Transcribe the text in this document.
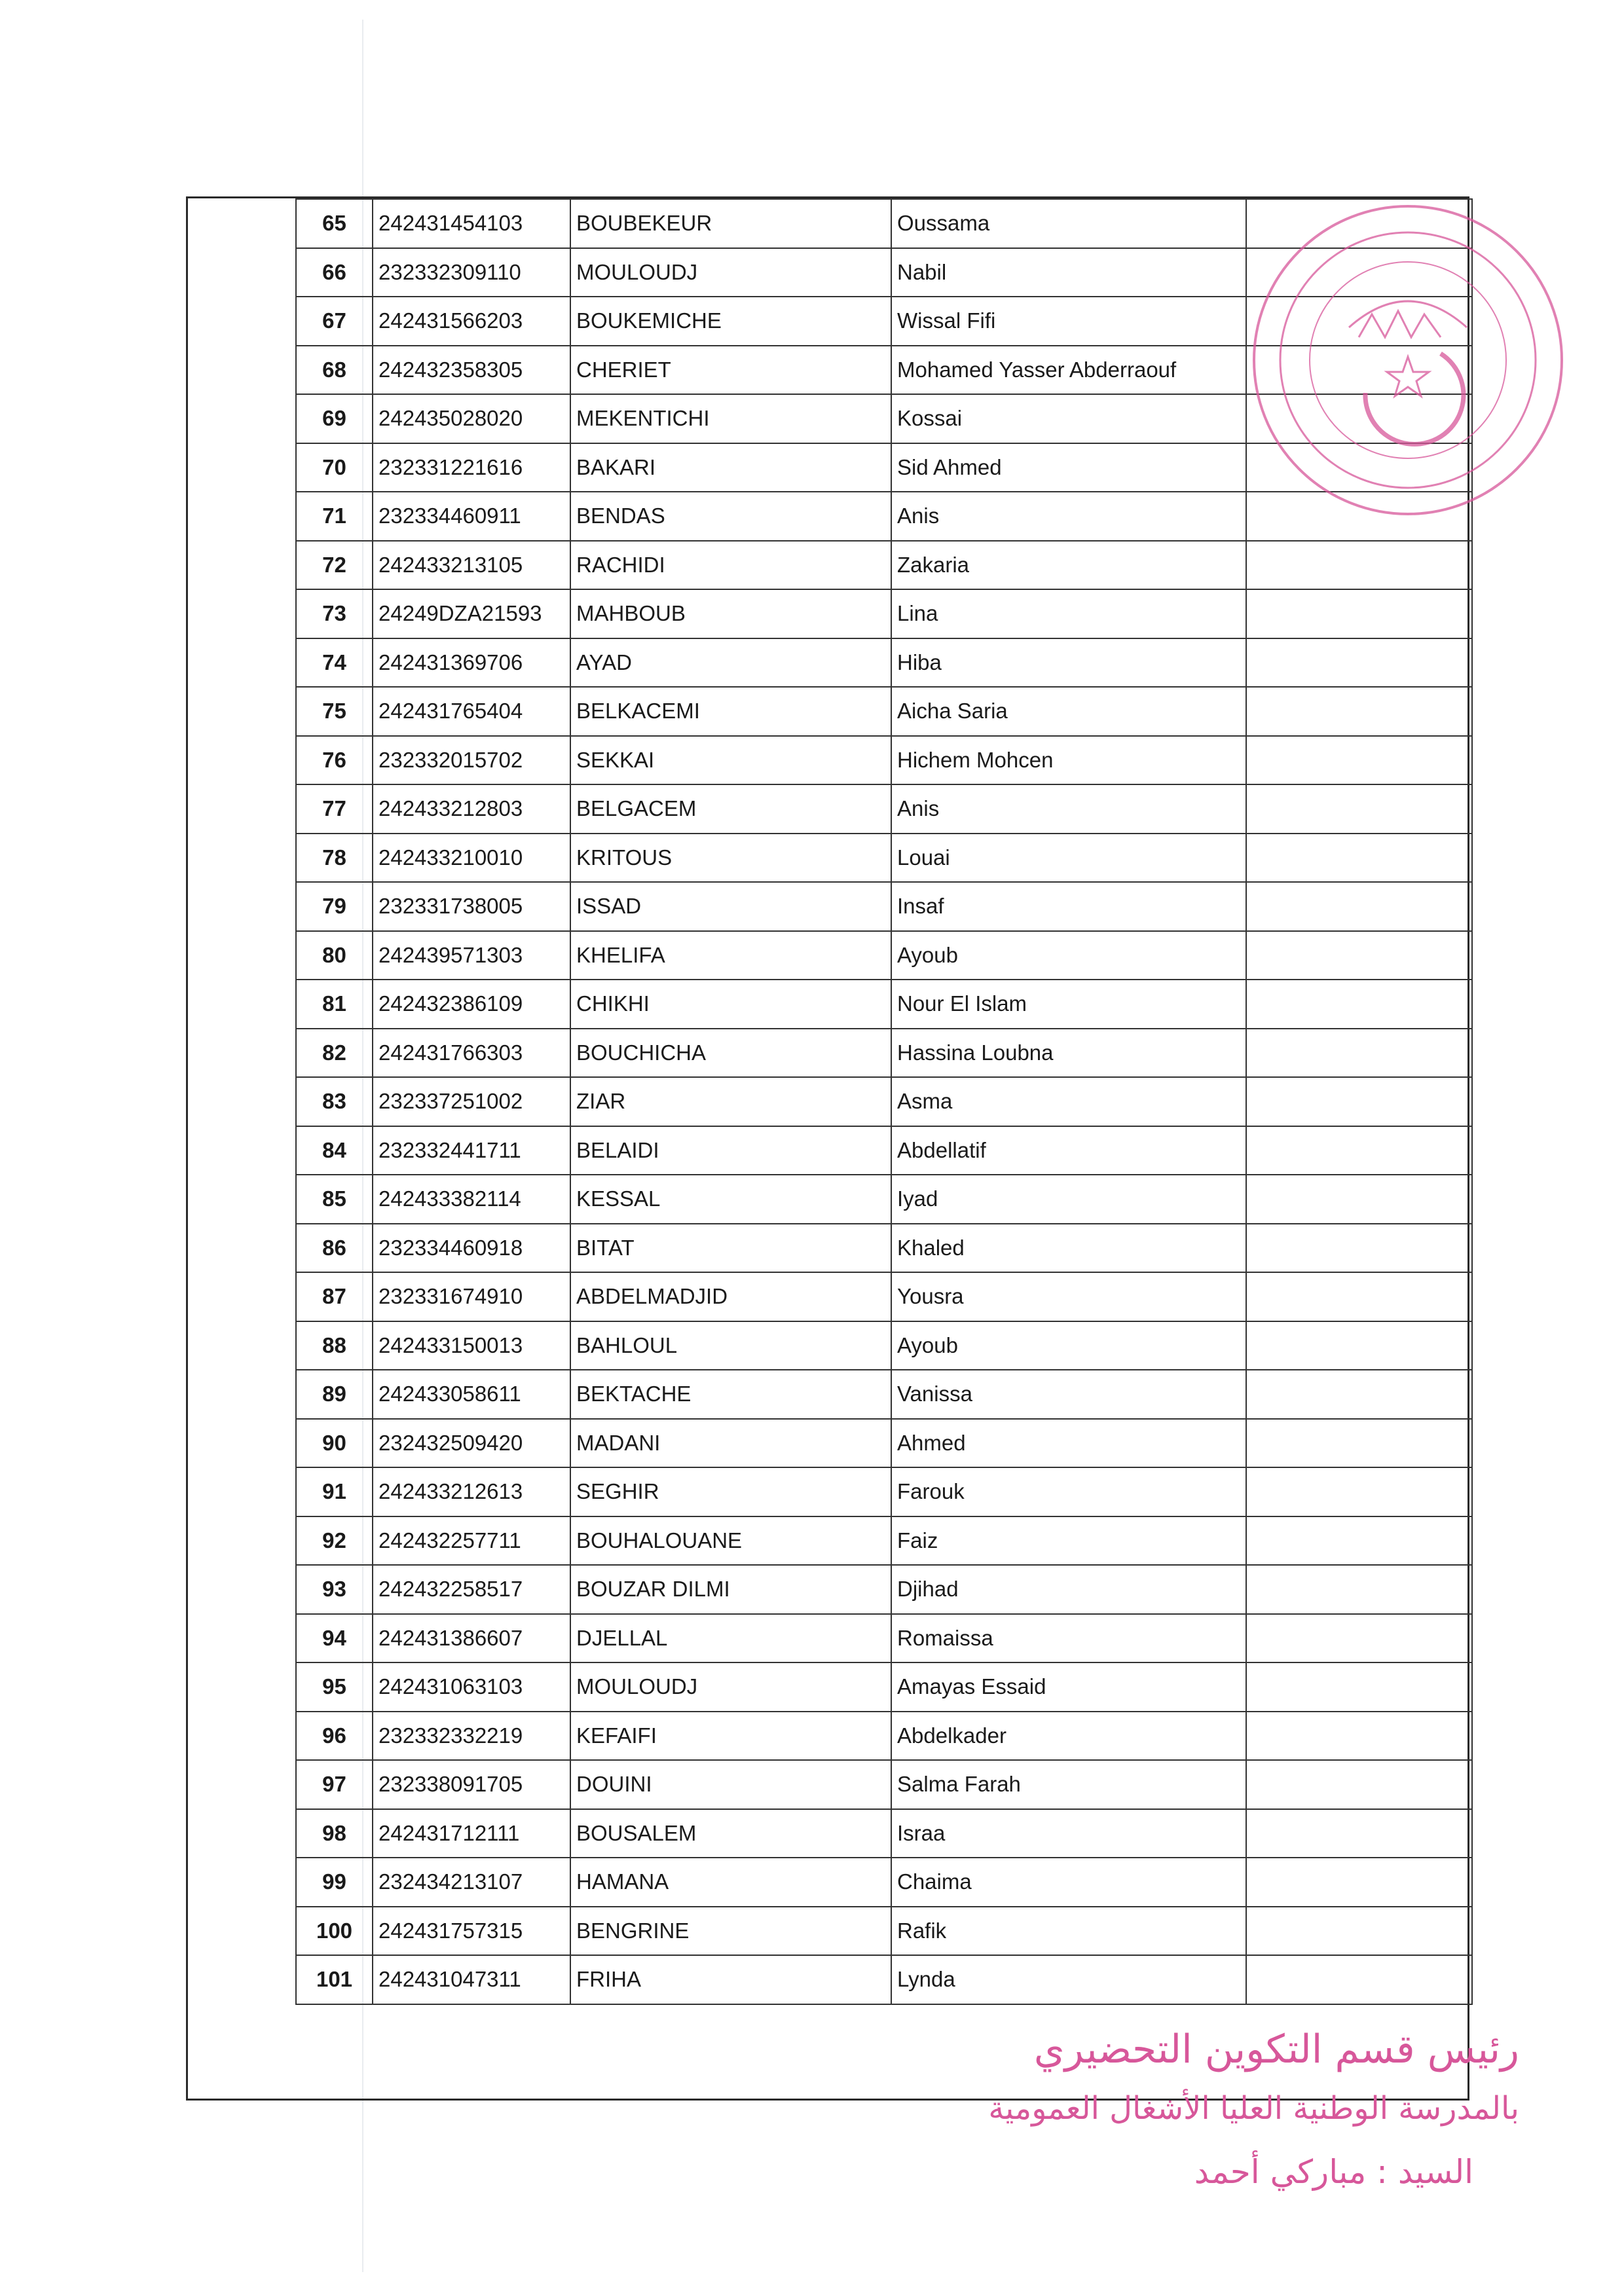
65	242431454103	BOUBEKEUR	Oussama	
66	232332309110	MOULOUDJ	Nabil	
67	242431566203	BOUKEMICHE	Wissal Fifi	
68	242432358305	CHERIET	Mohamed Yasser Abderraouf	
69	242435028020	MEKENTICHI	Kossai	
70	232331221616	BAKARI	Sid Ahmed	
71	232334460911	BENDAS	Anis	
72	242433213105	RACHIDI	Zakaria	
73	24249DZA21593	MAHBOUB	Lina	
74	242431369706	AYAD	Hiba	
75	242431765404	BELKACEMI	Aicha Saria	
76	232332015702	SEKKAI	Hichem Mohcen	
77	242433212803	BELGACEM	Anis	
78	242433210010	KRITOUS	Louai	
79	232331738005	ISSAD	Insaf	
80	242439571303	KHELIFA	Ayoub	
81	242432386109	CHIKHI	Nour El Islam	
82	242431766303	BOUCHICHA	Hassina Loubna	
83	232337251002	ZIAR	Asma	
84	232332441711	BELAIDI	Abdellatif	
85	242433382114	KESSAL	Iyad	
86	232334460918	BITAT	Khaled	
87	232331674910	ABDELMADJID	Yousra	
88	242433150013	BAHLOUL	Ayoub	
89	242433058611	BEKTACHE	Vanissa	
90	232432509420	MADANI	Ahmed	
91	242433212613	SEGHIR	Farouk	
92	242432257711	BOUHALOUANE	Faiz	
93	242432258517	BOUZAR DILMI	Djihad	
94	242431386607	DJELLAL	Romaissa	
95	242431063103	MOULOUDJ	Amayas Essaid	
96	232332332219	KEFAIFI	Abdelkader	
97	232338091705	DOUINI	Salma Farah	
98	242431712111	BOUSALEM	Israa	
99	232434213107	HAMANA	Chaima	
100	242431757315	BENGRINE	Rafik	
101	242431047311	FRIHA	Lynda	
رئيس قسم التكوين التحضيري
بالمدرسة الوطنية العليا الأشغال العمومية
السيد : مباركي أحمد
